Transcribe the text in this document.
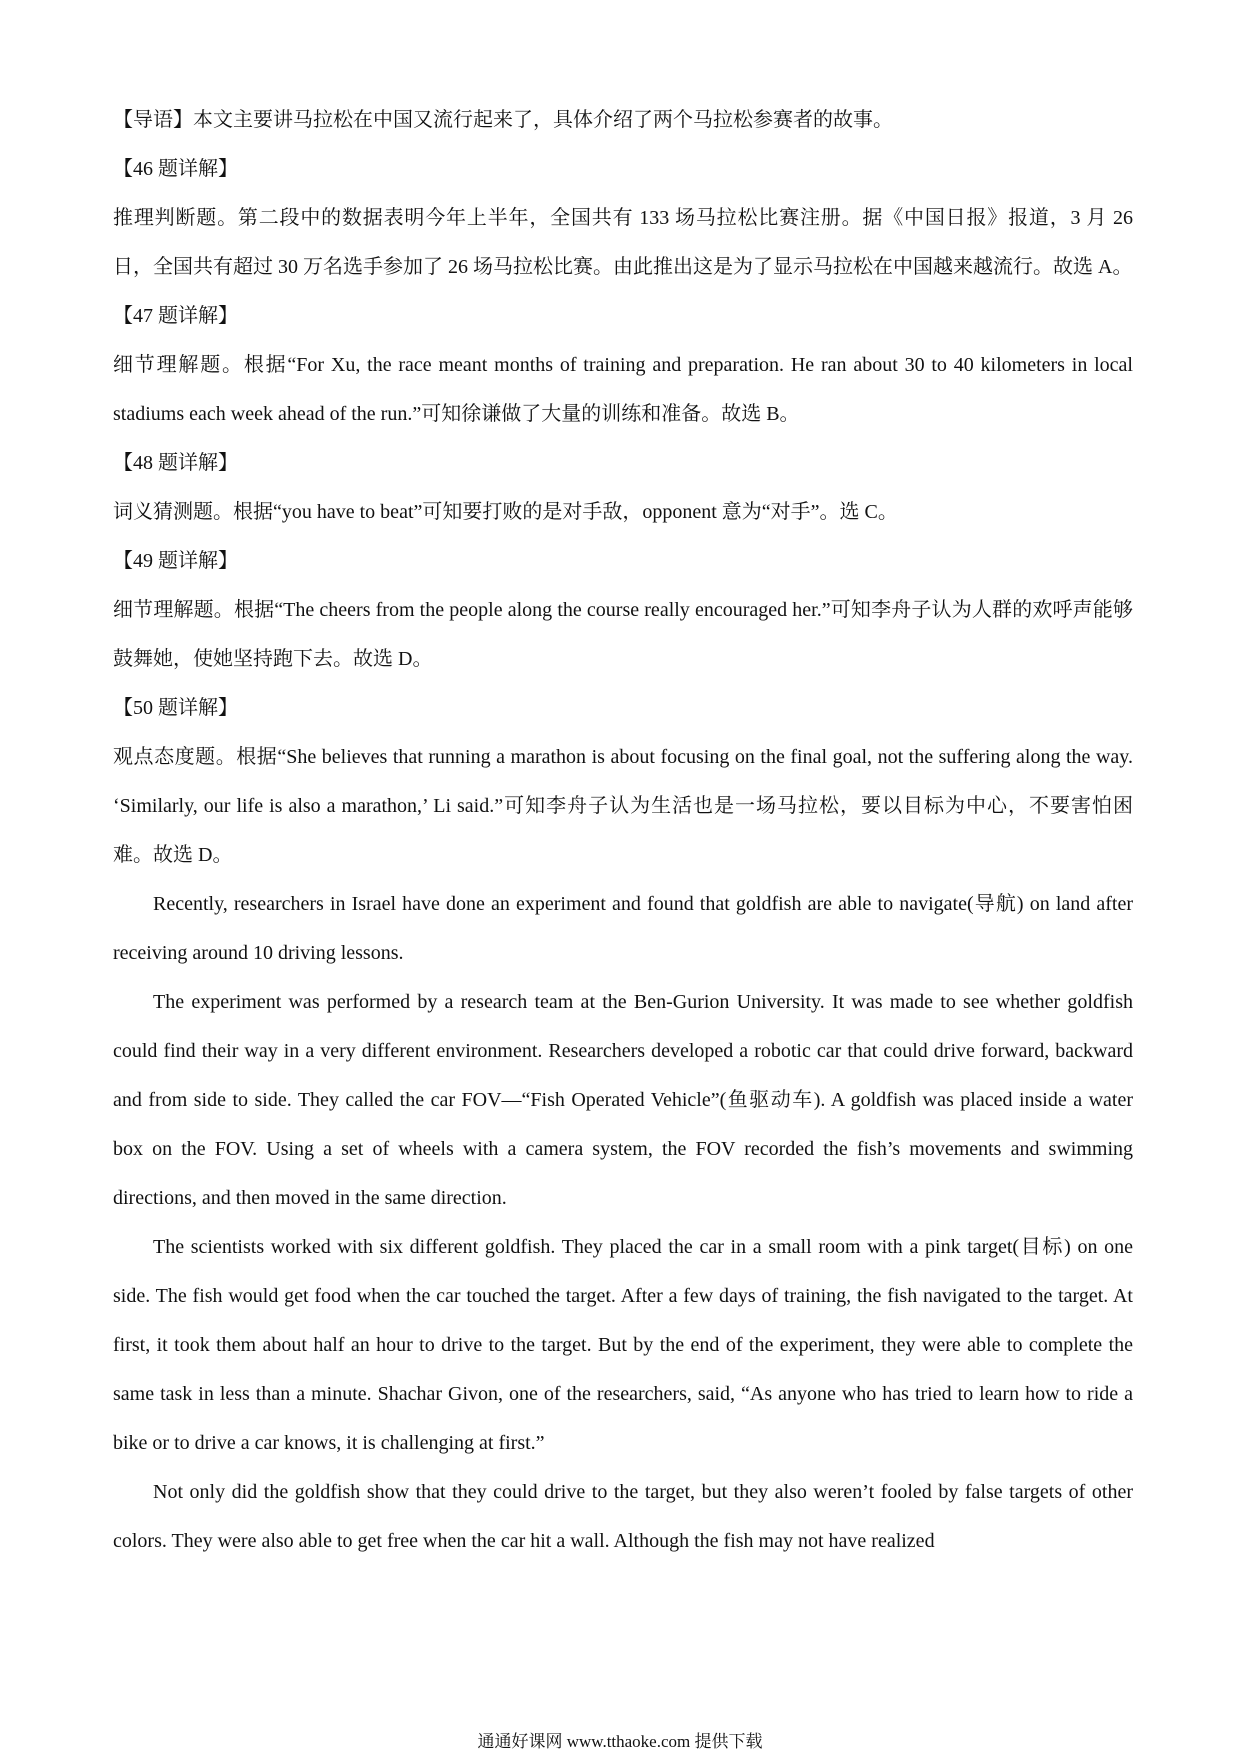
【导语】本文主要讲马拉松在中国又流行起来了，具体介绍了两个马拉松参赛者的故事。

【46 题详解】

推理判断题。第二段中的数据表明今年上半年，全国共有 133 场马拉松比赛注册。据《中国日报》报道，3 月 26 日，全国共有超过 30 万名选手参加了 26 场马拉松比赛。由此推出这是为了显示马拉松在中国越来越流行。故选 A。

【47 题详解】

细节理解题。根据“For Xu, the race meant months of training and preparation. He ran about 30 to 40 kilometers in local stadiums each week ahead of the run.”可知徐谦做了大量的训练和准备。故选 B。

【48 题详解】

词义猜测题。根据“you have to beat”可知要打败的是对手敌，opponent 意为“对手”。选 C。

【49 题详解】

细节理解题。根据“The cheers from the people along the course really encouraged her.”可知李舟子认为人群的欢呼声能够鼓舞她，使她坚持跑下去。故选 D。

【50 题详解】

观点态度题。根据“She believes that running a marathon is about focusing on the final goal, not the suffering along the way. ‘Similarly, our life is also a marathon,’ Li said.”可知李舟子认为生活也是一场马拉松，要以目标为中心，不要害怕困难。故选 D。

Recently, researchers in Israel have done an experiment and found that goldfish are able to navigate(导航) on land after receiving around 10 driving lessons.

The experiment was performed by a research team at the Ben-Gurion University. It was made to see whether goldfish could find their way in a very different environment. Researchers developed a robotic car that could drive forward, backward and from side to side. They called the car FOV—“Fish Operated Vehicle”(鱼驱动车). A goldfish was placed inside a water box on the FOV. Using a set of wheels with a camera system, the FOV recorded the fish’s movements and swimming directions, and then moved in the same direction.

The scientists worked with six different goldfish. They placed the car in a small room with a pink target(目标) on one side. The fish would get food when the car touched the target. After a few days of training, the fish navigated to the target. At first, it took them about half an hour to drive to the target. But by the end of the experiment, they were able to complete the same task in less than a minute. Shachar Givon, one of the researchers, said, “As anyone who has tried to learn how to ride a bike or to drive a car knows, it is challenging at first.”

Not only did the goldfish show that they could drive to the target, but they also weren’t fooled by false targets of other colors. They were also able to get free when the car hit a wall. Although the fish may not have realized

通通好课网 www.tthaoke.com 提供下载
